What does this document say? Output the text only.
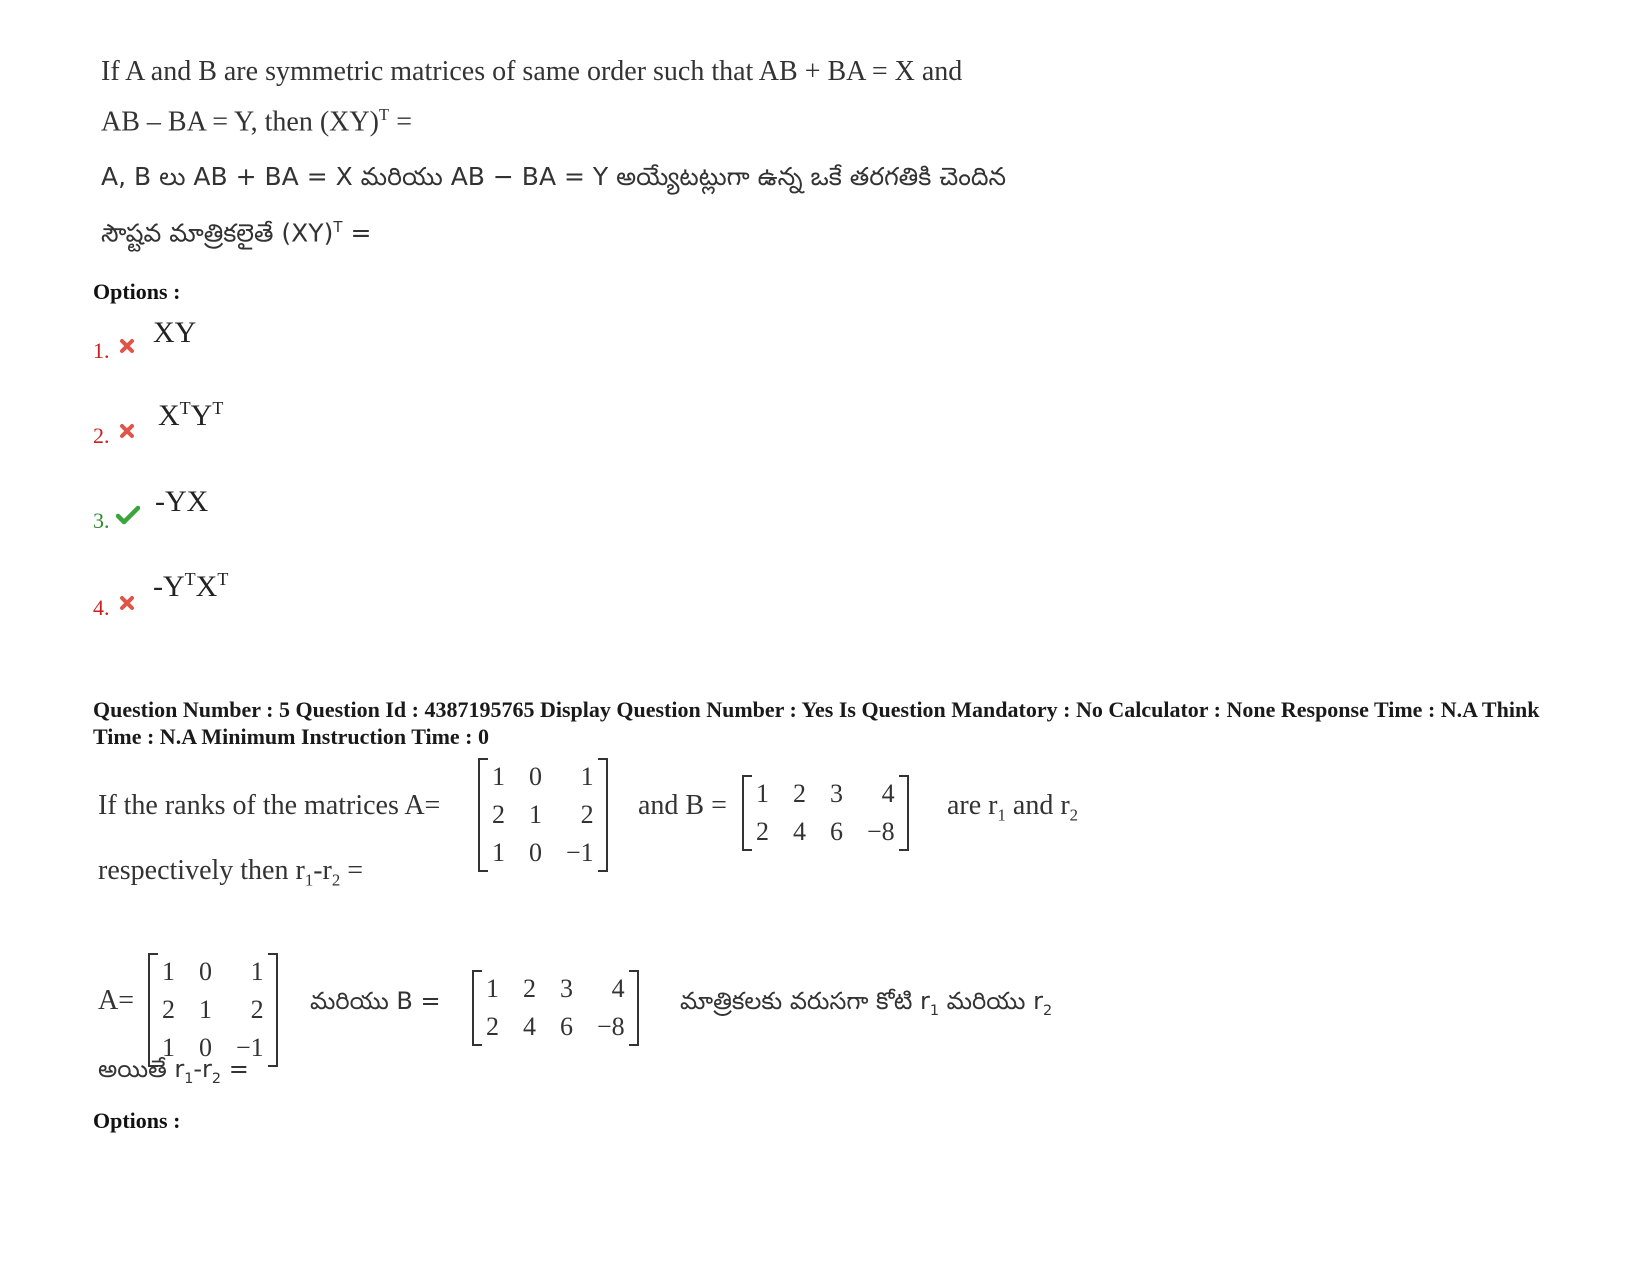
If A and B are symmetric matrices of same order such that AB + BA = X and
AB – BA = Y, then (XY)$^T$ =
A, B లు AB + BA = X మరియు AB − BA = Y అయ్యేటట్లుగా ఉన్న ఒకే తరగతికి చెందిన
సౌష్టవ మాత్రికలైతే (XY)$^T$ =
Options :
1.
XY
2.
$X^TY^T$
3.
-YX
4.
$-Y^TX^T$
Question Number : 5 Question Id : 4387195765 Display Question Number : Yes Is Question Mandatory : No Calculator : None Response Time : N.A Think Time : N.A Minimum Instruction Time : 0
If the ranks of the matrices A=
1	0	1
2	1	2
1	0	−1
and B = 1	2	3	4
2	4	6	−8
are $r_1$ and $r_2$
respectively then $r_1-r_2$ =
A=
1	0	1
2	1	2
1	0	−1
మరియు B = 1	2	3	4
2	4	6	−8
మాత్రికలకు వరుసగా కోటి $r_1$ మరియు $r_2$
అయితే $r_1-r_2$ =
Options :
